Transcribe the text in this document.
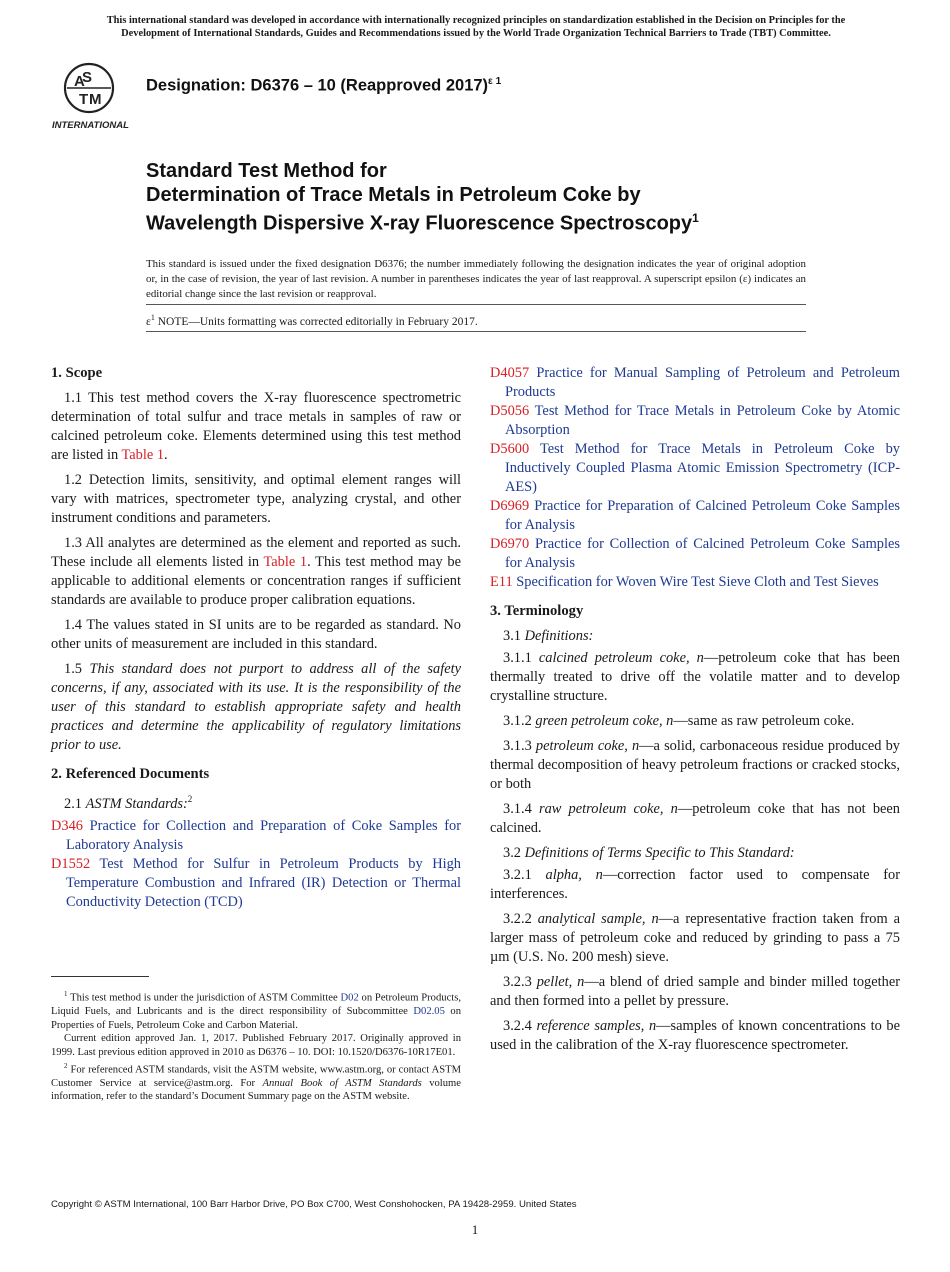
This international standard was developed in accordance with internationally recognized principles on standardization established in the Decision on Principles for the
Development of International Standards, Guides and Recommendations issued by the World Trade Organization Technical Barriers to Trade (TBT) Committee.
A
S
T M
INTERNATIONAL
Designation: D6376 – 10 (Reapproved 2017)$^{\varepsilon 1}$
Standard Test Method for
Determination of Trace Metals in Petroleum Coke by
Wavelength Dispersive X-ray Fluorescence Spectroscopy$^1$
This standard is issued under the fixed designation D6376; the number immediately following the designation indicates the year of original adoption or, in the case of revision, the year of last revision. A number in parentheses indicates the year of last reapproval. A superscript epsilon (ε) indicates an editorial change since the last revision or reapproval.
$\varepsilon^1$ NOTE—Units formatting was corrected editorially in February 2017.
1. Scope

1.1 This test method covers the X-ray fluorescence spectrometric determination of total sulfur and trace metals in samples of raw or calcined petroleum coke. Elements determined using this test method are listed in Table 1.

1.2 Detection limits, sensitivity, and optimal element ranges will vary with matrices, spectrometer type, analyzing crystal, and other instrument conditions and parameters.

1.3 All analytes are determined as the element and reported as such. These include all elements listed in Table 1. This test method may be applicable to additional elements or concentration ranges if sufficient standards are available to produce proper calibration equations.

1.4 The values stated in SI units are to be regarded as standard. No other units of measurement are included in this standard.

1.5 This standard does not purport to address all of the safety concerns, if any, associated with its use. It is the responsibility of the user of this standard to establish appropriate safety and health practices and determine the applicability of regulatory limitations prior to use.

2. Referenced Documents

2.1 ASTM Standards:$^2$

D346 Practice for Collection and Preparation of Coke Samples for Laboratory Analysis
D1552 Test Method for Sulfur in Petroleum Products by High Temperature Combustion and Infrared (IR) Detection or Thermal Conductivity Detection (TCD)

$^1$ This test method is under the jurisdiction of ASTM Committee D02 on Petroleum Products, Liquid Fuels, and Lubricants and is the direct responsibility of Subcommittee D02.05 on Properties of Fuels, Petroleum Coke and Carbon Material.

Current edition approved Jan. 1, 2017. Published February 2017. Originally approved in 1999. Last previous edition approved in 2010 as D6376 – 10. DOI: 10.1520/D6376-10R17E01.

$^2$ For referenced ASTM standards, visit the ASTM website, www.astm.org, or contact ASTM Customer Service at service@astm.org. For Annual Book of ASTM Standards volume information, refer to the standard’s Document Summary page on the ASTM website.

D4057 Practice for Manual Sampling of Petroleum and Petroleum Products
D5056 Test Method for Trace Metals in Petroleum Coke by Atomic Absorption
D5600 Test Method for Trace Metals in Petroleum Coke by Inductively Coupled Plasma Atomic Emission Spectrometry (ICP-AES)
D6969 Practice for Preparation of Calcined Petroleum Coke Samples for Analysis
D6970 Practice for Collection of Calcined Petroleum Coke Samples for Analysis
E11 Specification for Woven Wire Test Sieve Cloth and Test Sieves
3. Terminology

3.1 Definitions:

3.1.1 calcined petroleum coke, n—petroleum coke that has been thermally treated to drive off the volatile matter and to develop crystalline structure.

3.1.2 green petroleum coke, n—same as raw petroleum coke.

3.1.3 petroleum coke, n—a solid, carbonaceous residue produced by thermal decomposition of heavy petroleum fractions or cracked stocks, or both

3.1.4 raw petroleum coke, n—petroleum coke that has not been calcined.

3.2 Definitions of Terms Specific to This Standard:

3.2.1 alpha, n—correction factor used to compensate for interferences.

3.2.2 analytical sample, n—a representative fraction taken from a larger mass of petroleum coke and reduced by grinding to pass a 75 µm (U.S. No. 200 mesh) sieve.

3.2.3 pellet, n—a blend of dried sample and binder milled together and then formed into a pellet by pressure.

3.2.4 reference samples, n—samples of known concentrations to be used in the calibration of the X-ray fluorescence spectrometer.

Copyright © ASTM International, 100 Barr Harbor Drive, PO Box C700, West Conshohocken, PA 19428-2959. United States
1
